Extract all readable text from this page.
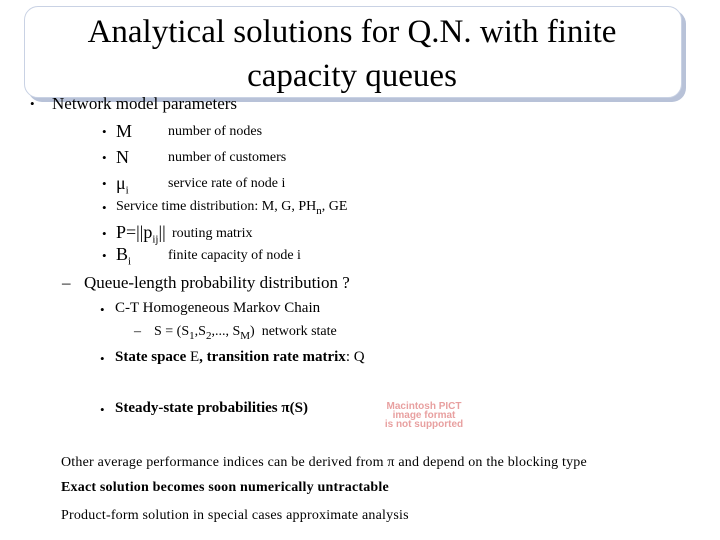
Analytical solutions for Q.N. with finite
capacity queues
• Network model parameters
• M	number of nodes
• N	number of customers
• $\mu_i$	service rate of node i
• Service time distribution: M, G, $PH_n$, GE
• $P=||p_{ij}||$ routing matrix
• $B_i$	finite capacity of node i
– Queue-length probability distribution ?
• C-T Homogeneous Markov Chain
– $S = (S_1,S_2$,..., $S_M$) network state
• State space E, transition rate matrix: Q
• Steady-state probabilities π(S)	Macintosh PICT
image format
is not supported
Other average performance indices can be derived from π and depend on the blocking type
Exact solution becomes soon numerically untractable
Product-form solution in special cases approximate analysis
